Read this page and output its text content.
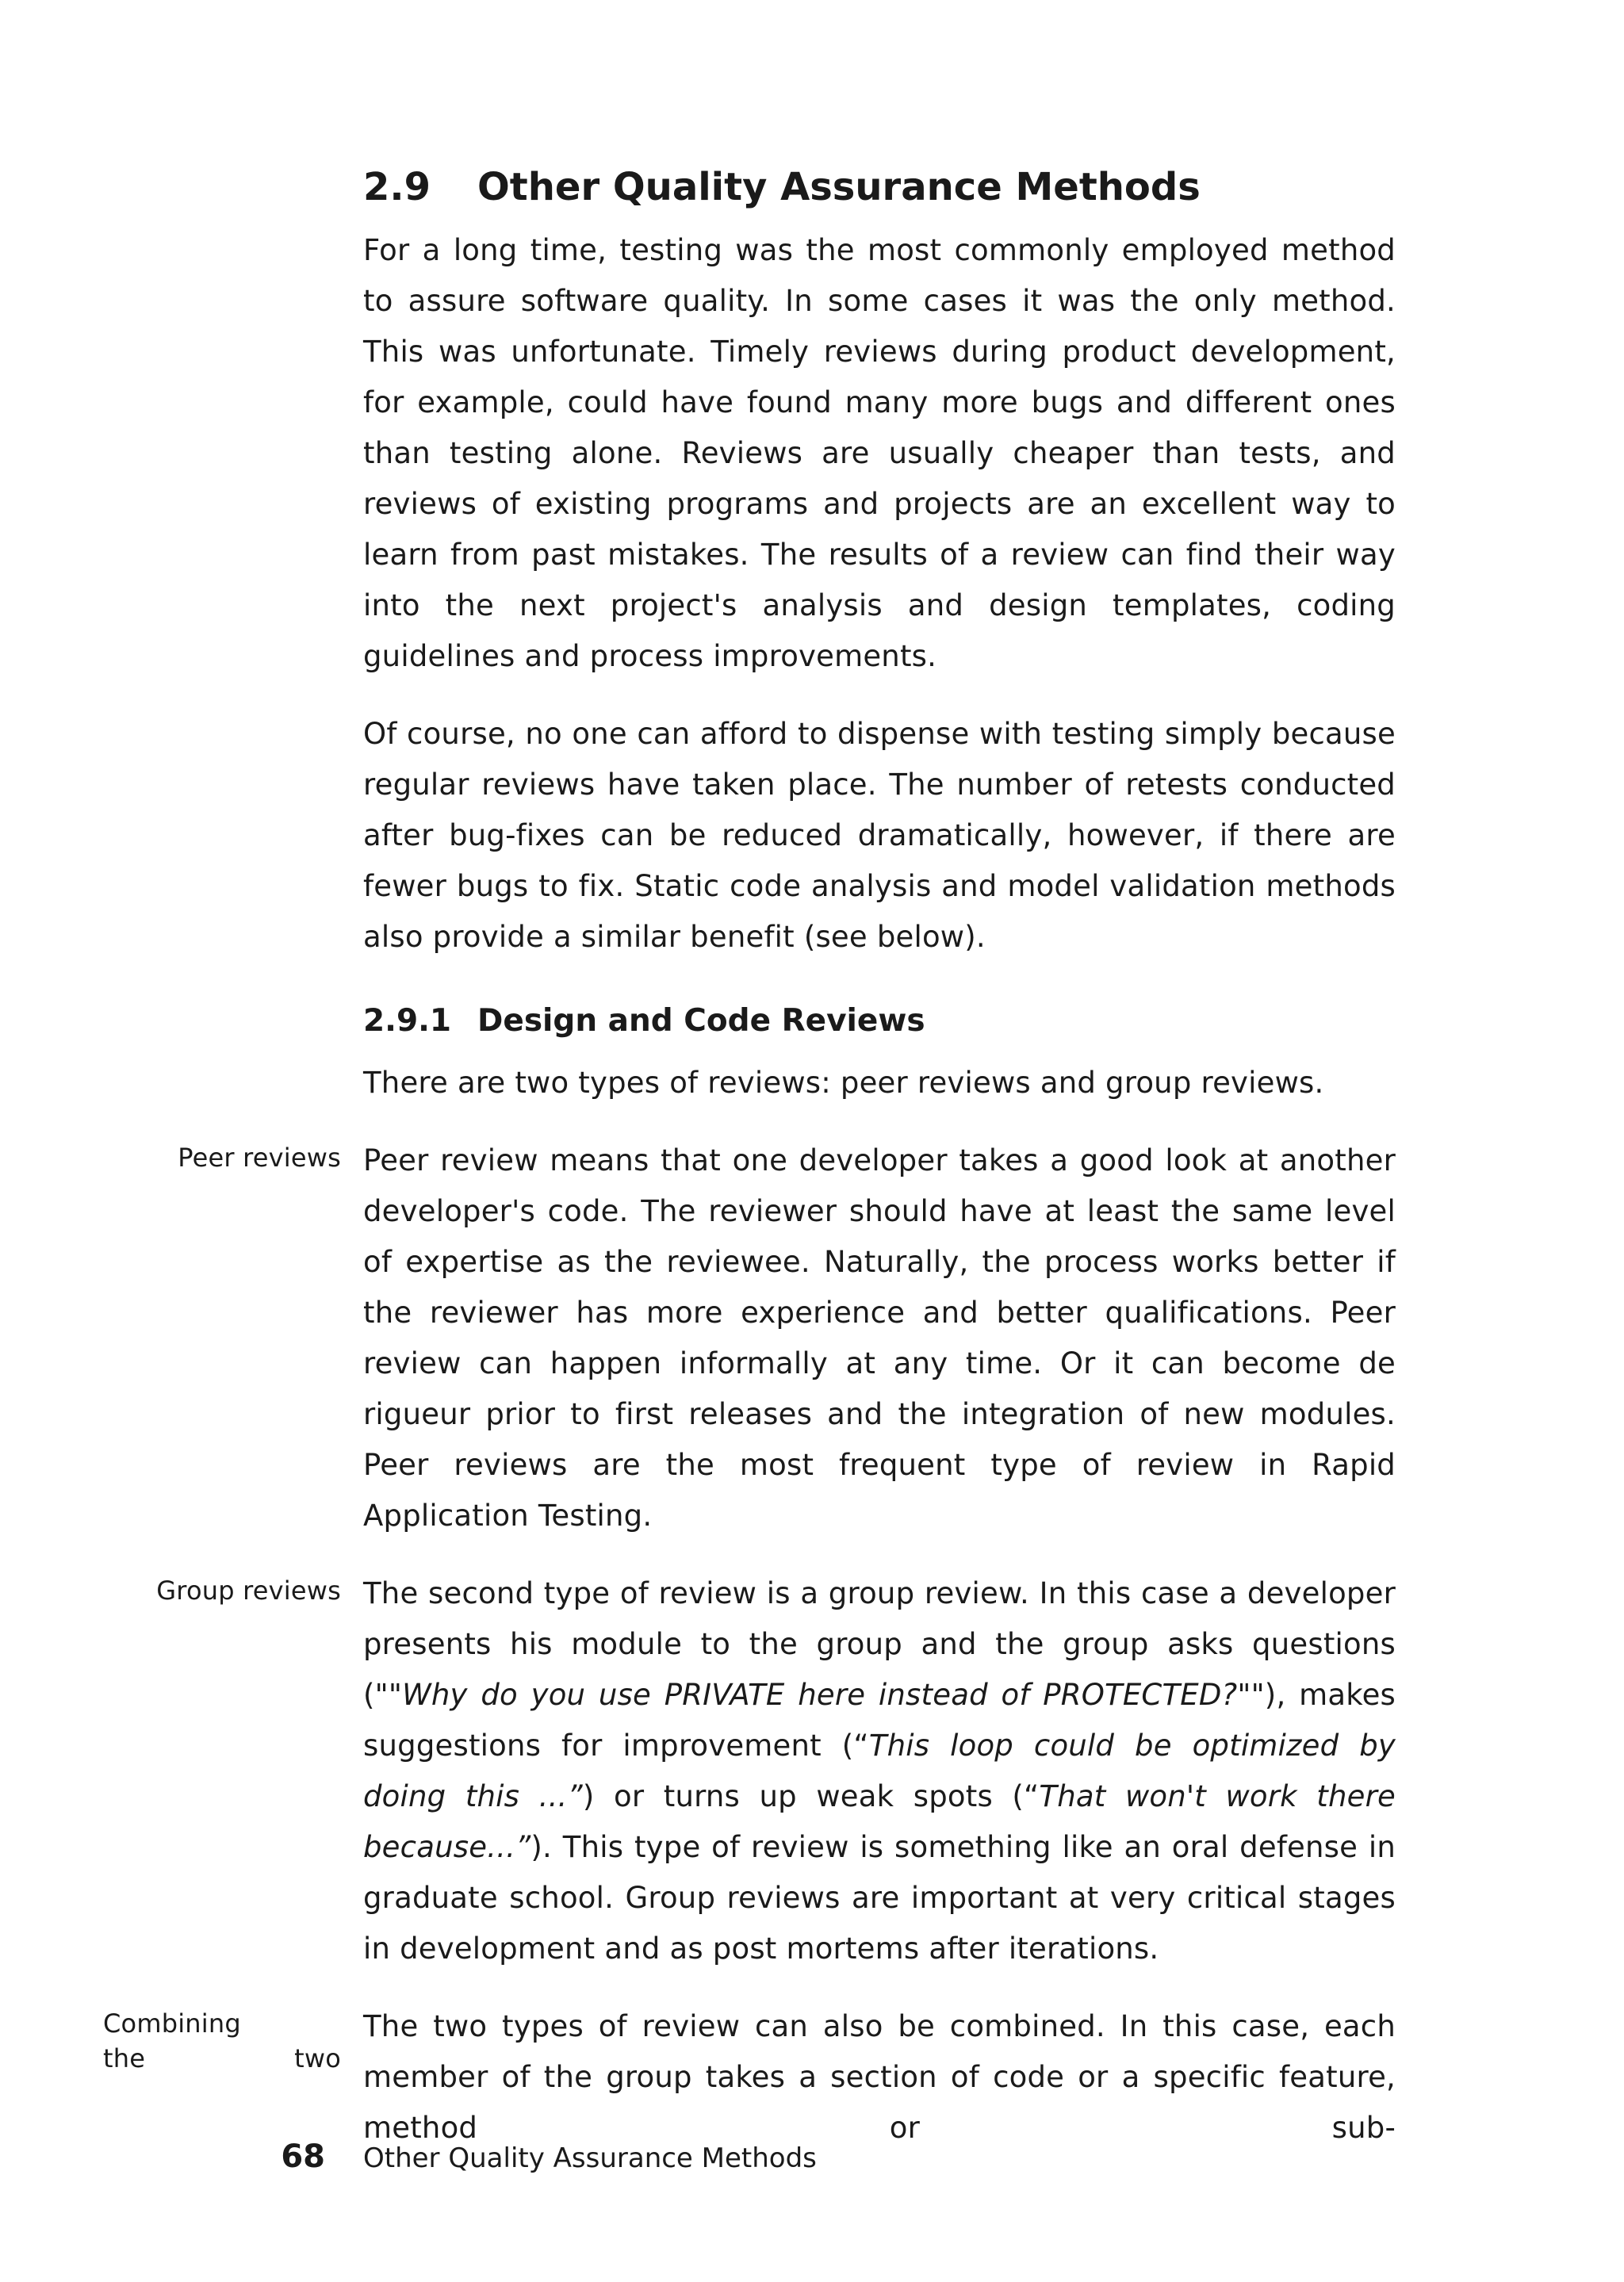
2.9 Other Quality Assurance Methods

For a long time, testing was the most commonly employed method to assure software quality. In some cases it was the only method. This was unfortunate. Timely reviews during product development, for example, could have found many more bugs and different ones than testing alone. Reviews are usually cheaper than tests, and reviews of existing programs and projects are an excellent way to learn from past mistakes. The results of a review can find their way into the next project's analysis and design templates, coding guidelines and process improvements.

Of course, no one can afford to dispense with testing simply because regular reviews have taken place. The number of retests conducted after bug-fixes can be reduced dramatically, however, if there are fewer bugs to fix. Static code analysis and model validation methods also provide a similar benefit (see below).

2.9.1 Design and Code Reviews

There are two types of reviews: peer reviews and group reviews.

Peer reviews Peer review means that one developer takes a good look at another developer's code. The reviewer should have at least the same level of expertise as the reviewee. Naturally, the process works better if the reviewer has more experience and better qualifications. Peer review can happen informally at any time. Or it can become de rigueur prior to first releases and the integration of new modules. Peer reviews are the most frequent type of review in Rapid Application Testing.
Group reviews The second type of review is a group review. In this case a developer presents his module to the group and the group asks questions (""Why do you use PRIVATE here instead of PROTECTED?""), makes suggestions for improvement (“This loop could be optimized by doing this ...”) or turns up weak spots (“That won't work there because...”). This type of review is something like an oral defense in graduate school. Group reviews are important at very critical stages in development and as post mortems after iterations.
Combining
the two
The two types of review can also be combined. In this case, each member of the group takes a section of code or a specific feature, method or sub-
68 Other Quality Assurance Methods
